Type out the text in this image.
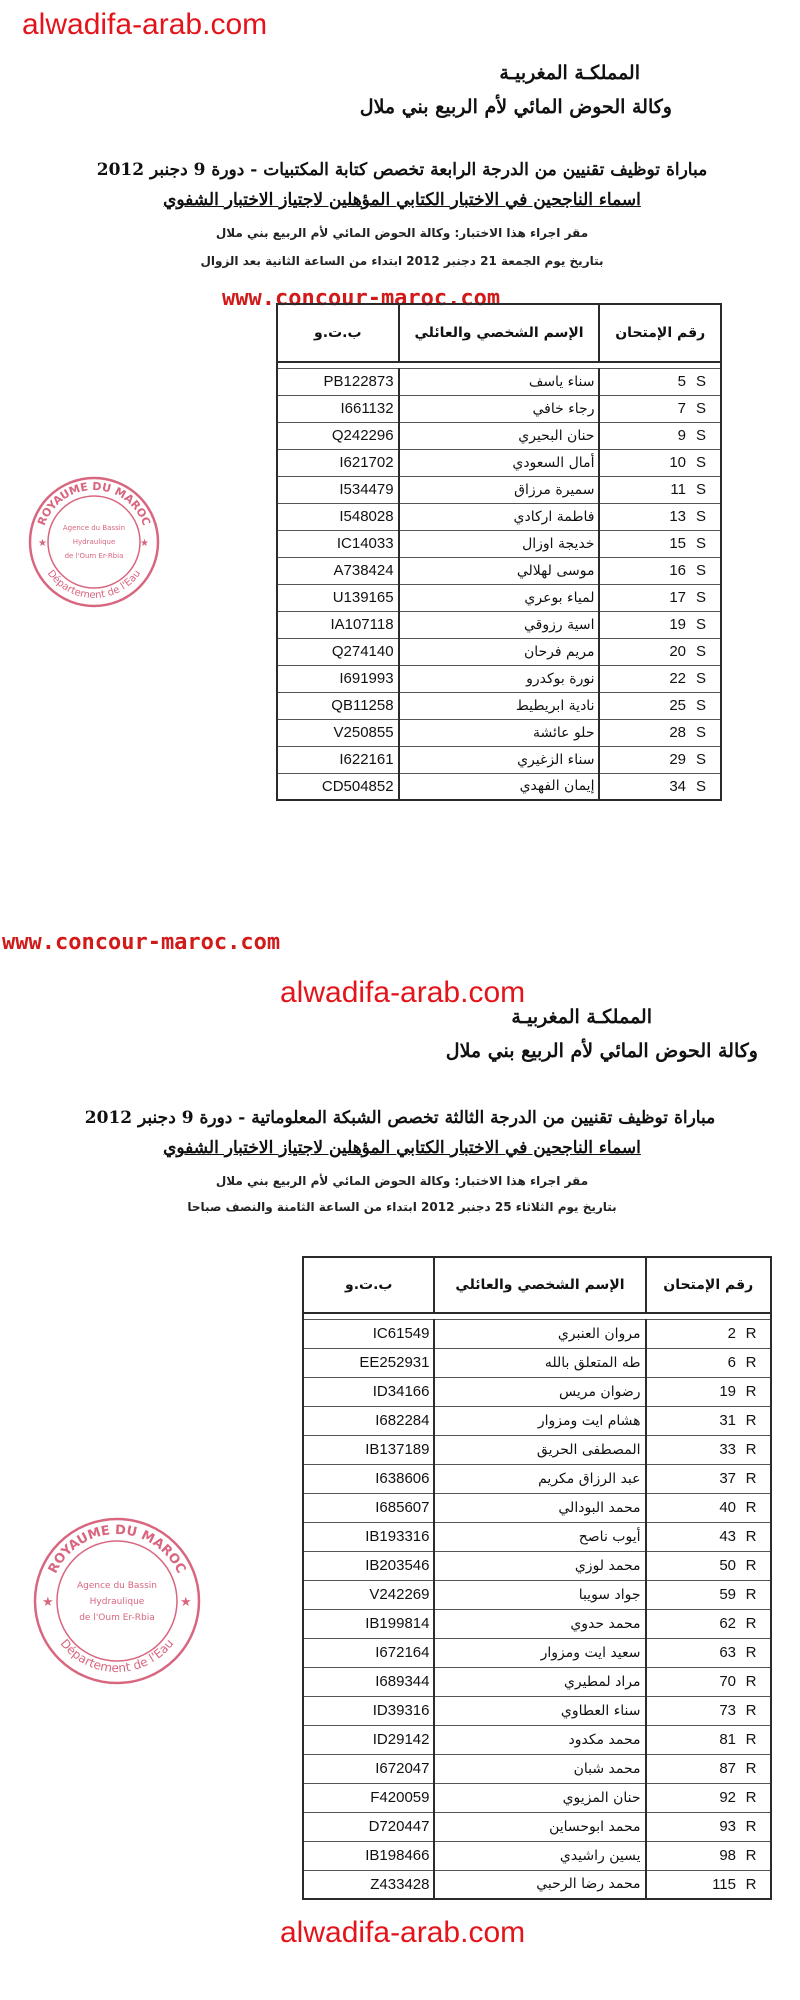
alwadifa-arab.com
www.concour-maroc.com
www.concour-maroc.com
alwadifa-arab.com
alwadifa-arab.com
المملكـة المغربيـة
وكالة الحوض المائي لأم الربيع بني ملال
مباراة توظيف تقنيين من الدرجة الرابعة تخصص كتابة المكتبيات - دورة 9 دجنبر 2012
اسماء الناجحين في الاختبار الكتابي المؤهلين لاجتياز الاختبار الشفوي
مقر اجراء هذا الاختبار: وكالة الحوض المائي لأم الربيع بني ملال
بتاريخ يوم الجمعة 21 دجنبر 2012 ابتداء من الساعة الثانية بعد الزوال
ب.ت.و	الإسم الشخصي والعائلي	رقم الإمتحان

PB122873	سناء ياسف	5 S
I661132	رجاء خافي	7 S
Q242296	حنان البحيري	9 S
I621702	أمال السعودي	10 S
I534479	سميرة مرزاق	11 S
I548028	فاطمة اركادي	13 S
IC14033	خديجة اوزال	15 S
A738424	موسى لهلالي	16 S
U139165	لمياء بوعري	17 S
IA107118	اسية رزوقي	19 S
Q274140	مريم فرحان	20 S
I691993	نورة بوكدرو	22 S
QB11258	نادية ابريطيط	25 S
V250855	حلو عائشة	28 S
I622161	سناء الزغيري	29 S
CD504852	إيمان الفهدي	34 S
ROYAUME DU MAROC
Département de l'Eau
Agence du Bassin
Hydraulique
de l'Oum Er-Rbia
★	★
المملكـة المغربيـة
وكالة الحوض المائي لأم الربيع بني ملال
مباراة توظيف تقنيين من الدرجة الثالثة تخصص الشبكة المعلوماتية - دورة 9 دجنبر 2012
اسماء الناجحين في الاختبار الكتابي المؤهلين لاجتياز الاختبار الشفوي
مقر اجراء هذا الاختبار: وكالة الحوض المائي لأم الربيع بني ملال
بتاريخ يوم الثلاثاء 25 دجنبر 2012 ابتداء من الساعة الثامنة والنصف صباحا
ب.ت.و	الإسم الشخصي والعائلي	رقم الإمتحان

IC61549	مروان العنبري	2 R
EE252931	طه المتعلق بالله	6 R
ID34166	رضوان مريس	19 R
I682284	هشام ايت ومزوار	31 R
IB137189	المصطفى الحريق	33 R
I638606	عبد الرزاق مكريم	37 R
I685607	محمد البودالي	40 R
IB193316	أيوب ناصح	43 R
IB203546	محمد لوزي	50 R
V242269	جواد سويبا	59 R
IB199814	محمد حدوي	62 R
I672164	سعيد ايت ومزوار	63 R
I689344	مراد لمطيري	70 R
ID39316	سناء العطاوي	73 R
ID29142	محمد مكدود	81 R
I672047	محمد شبان	87 R
F420059	حنان المزيوي	92 R
D720447	محمد ابوحساين	93 R
IB198466	يسين راشيدي	98 R
Z433428	محمد رضا الرحبي	115 R
ROYAUME DU MAROC
Département de l'Eau
Agence du Bassin
Hydraulique
de l'Oum Er-Rbia
★	★
